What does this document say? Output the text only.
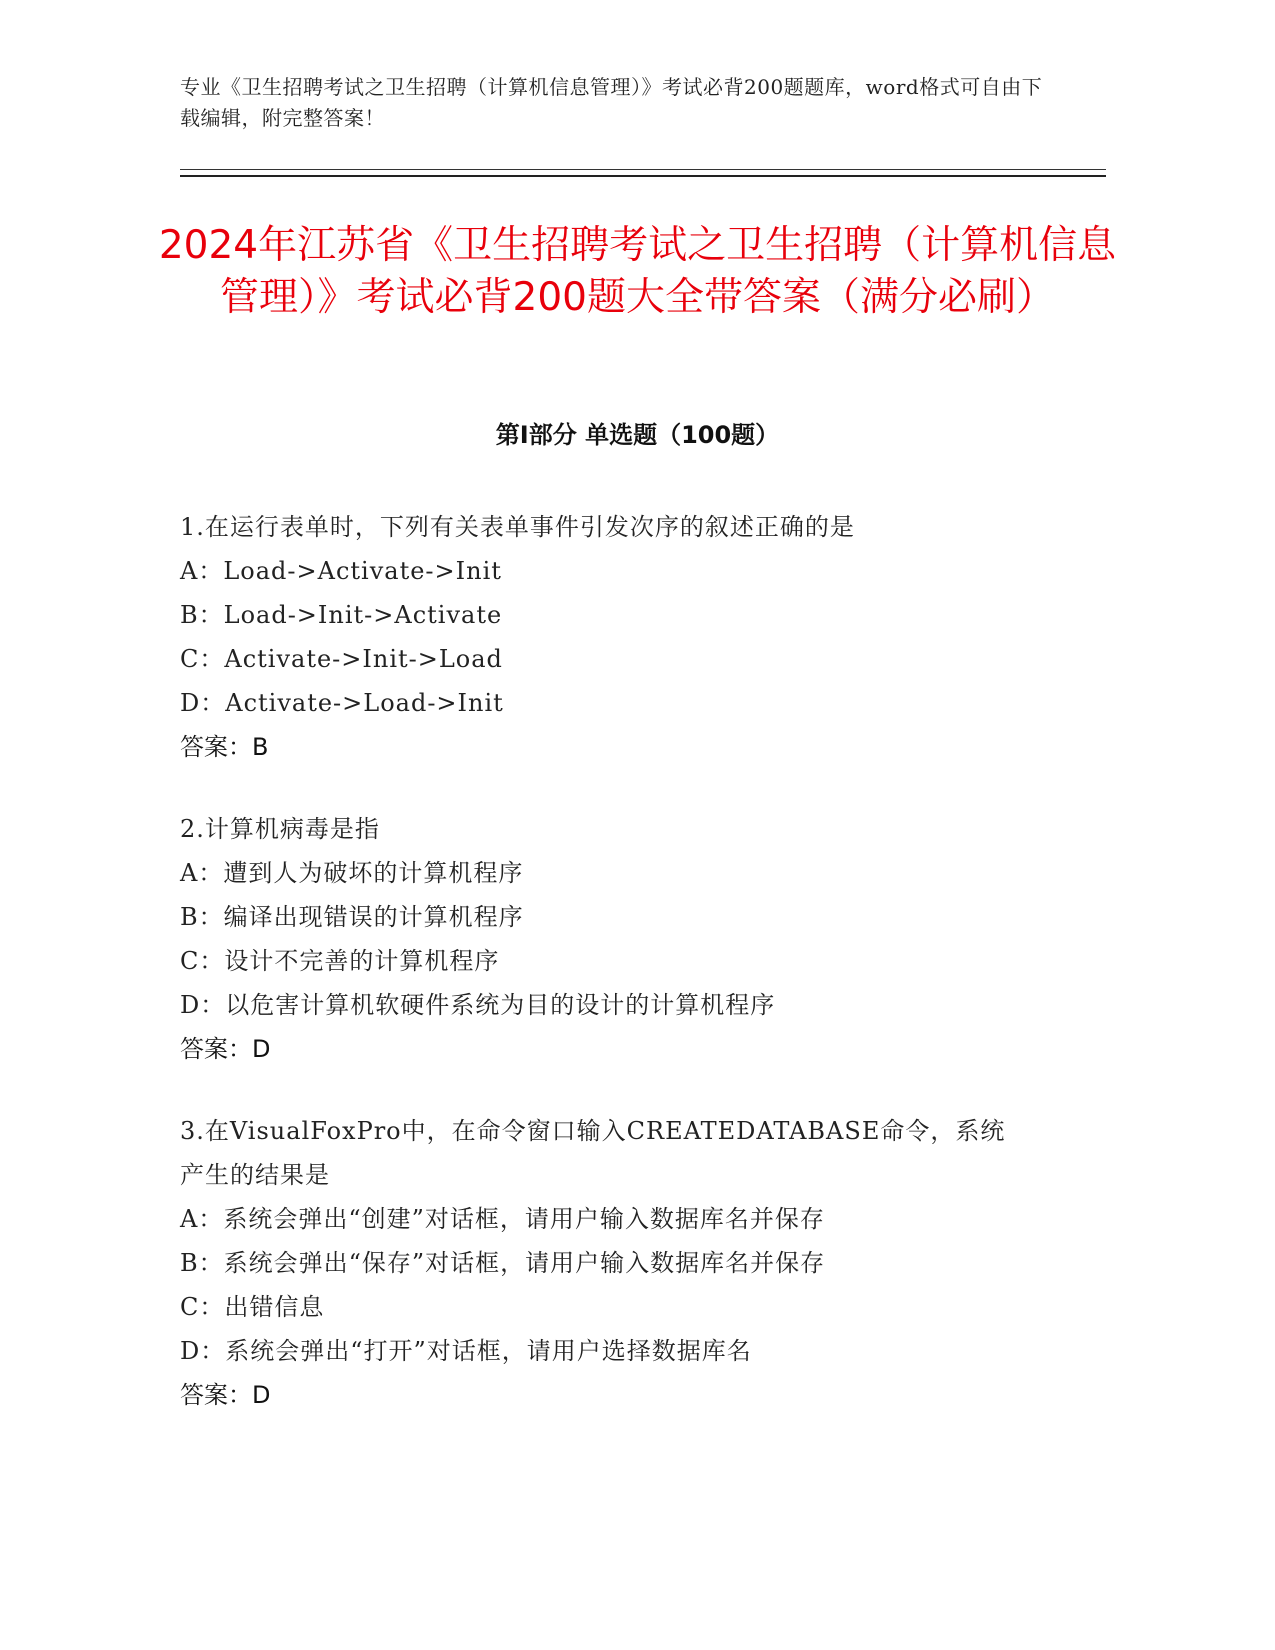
专业《卫生招聘考试之卫生招聘（计算机信息管理）》考试必背200题题库，word格式可自由下载编辑，附完整答案！
2024年江苏省《卫生招聘考试之卫生招聘（计算机信息管理）》考试必背200题大全带答案（满分必刷）
第Ⅰ部分 单选题（100题）
1.在运行表单时，下列有关表单事件引发次序的叙述正确的是
A：Load->Activate->Init
B：Load->Init->Activate
C：Activate->Init->Load
D：Activate->Load->Init
答案：B
2.计算机病毒是指
A：遭到人为破坏的计算机程序
B：编译出现错误的计算机程序
C：设计不完善的计算机程序
D：以危害计算机软硬件系统为目的设计的计算机程序
答案：D
3.在VisualFoxPro中，在命令窗口输入CREATEDATABASE命令，系统产生的结果是
A：系统会弹出“创建”对话框，请用户输入数据库名并保存
B：系统会弹出“保存”对话框，请用户输入数据库名并保存
C：出错信息
D：系统会弹出“打开”对话框，请用户选择数据库名
答案：D
